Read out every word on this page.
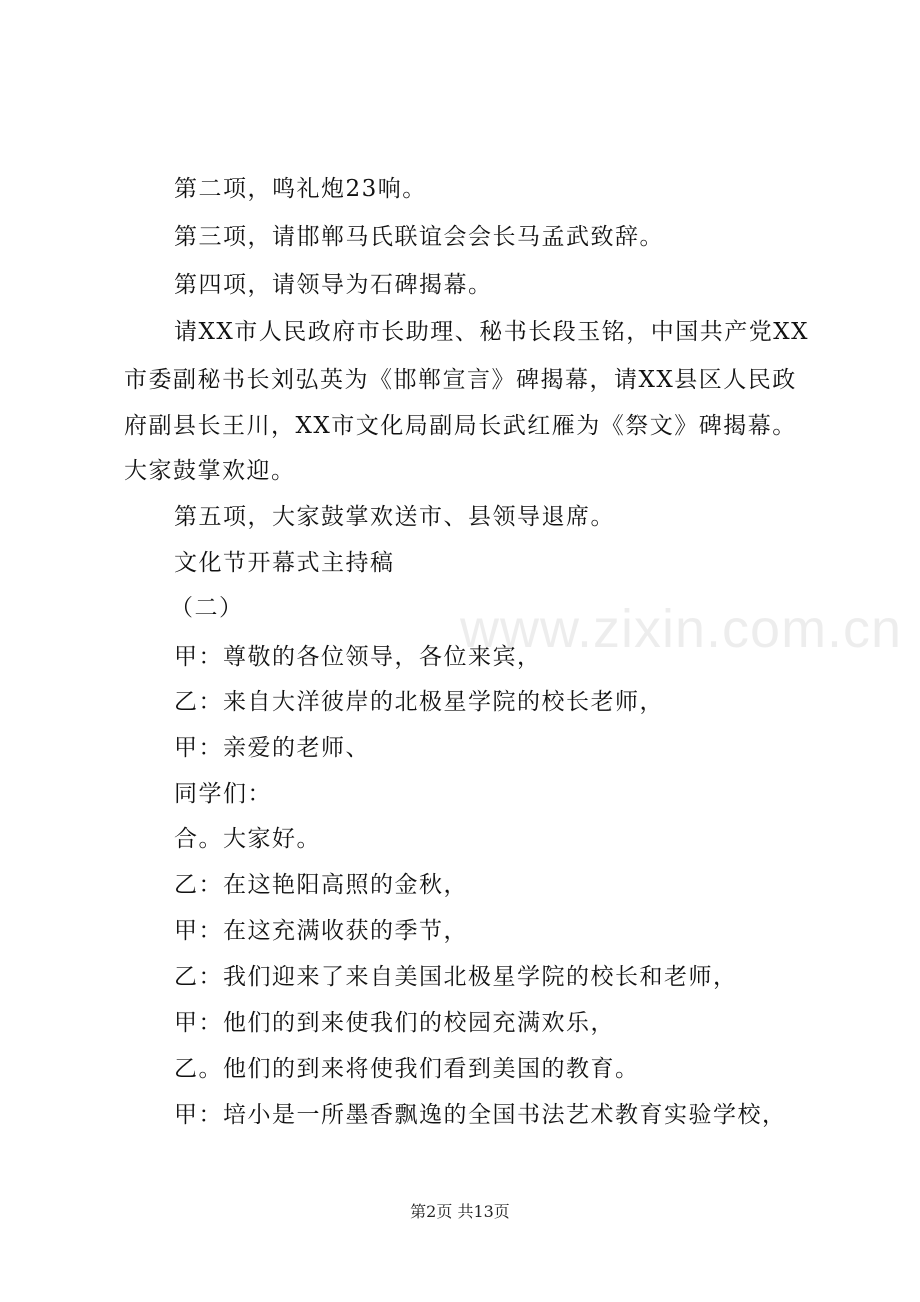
第二项，鸣礼炮23响。
第三项，请邯郸马氏联谊会会长马孟武致辞。
第四项，请领导为石碑揭幕。
请XX市人民政府市长助理、秘书长段玉铭，中国共产党XX
市委副秘书长刘弘英为《邯郸宣言》碑揭幕，请XX县区人民政
府副县长王川，XX市文化局副局长武红雁为《祭文》碑揭幕。
大家鼓掌欢迎。
第五项，大家鼓掌欢送市、县领导退席。
文化节开幕式主持稿
（二）
甲：尊敬的各位领导，各位来宾，
乙：来自大洋彼岸的北极星学院的校长老师，
甲：亲爱的老师、
同学们：
合。大家好。
乙：在这艳阳高照的金秋，
甲：在这充满收获的季节，
乙：我们迎来了来自美国北极星学院的校长和老师，
甲：他们的到来使我们的校园充满欢乐，
乙。他们的到来将使我们看到美国的教育。
甲：培小是一所墨香飘逸的全国书法艺术教育实验学校，
www.zixin.com.cn
第2页 共13页
